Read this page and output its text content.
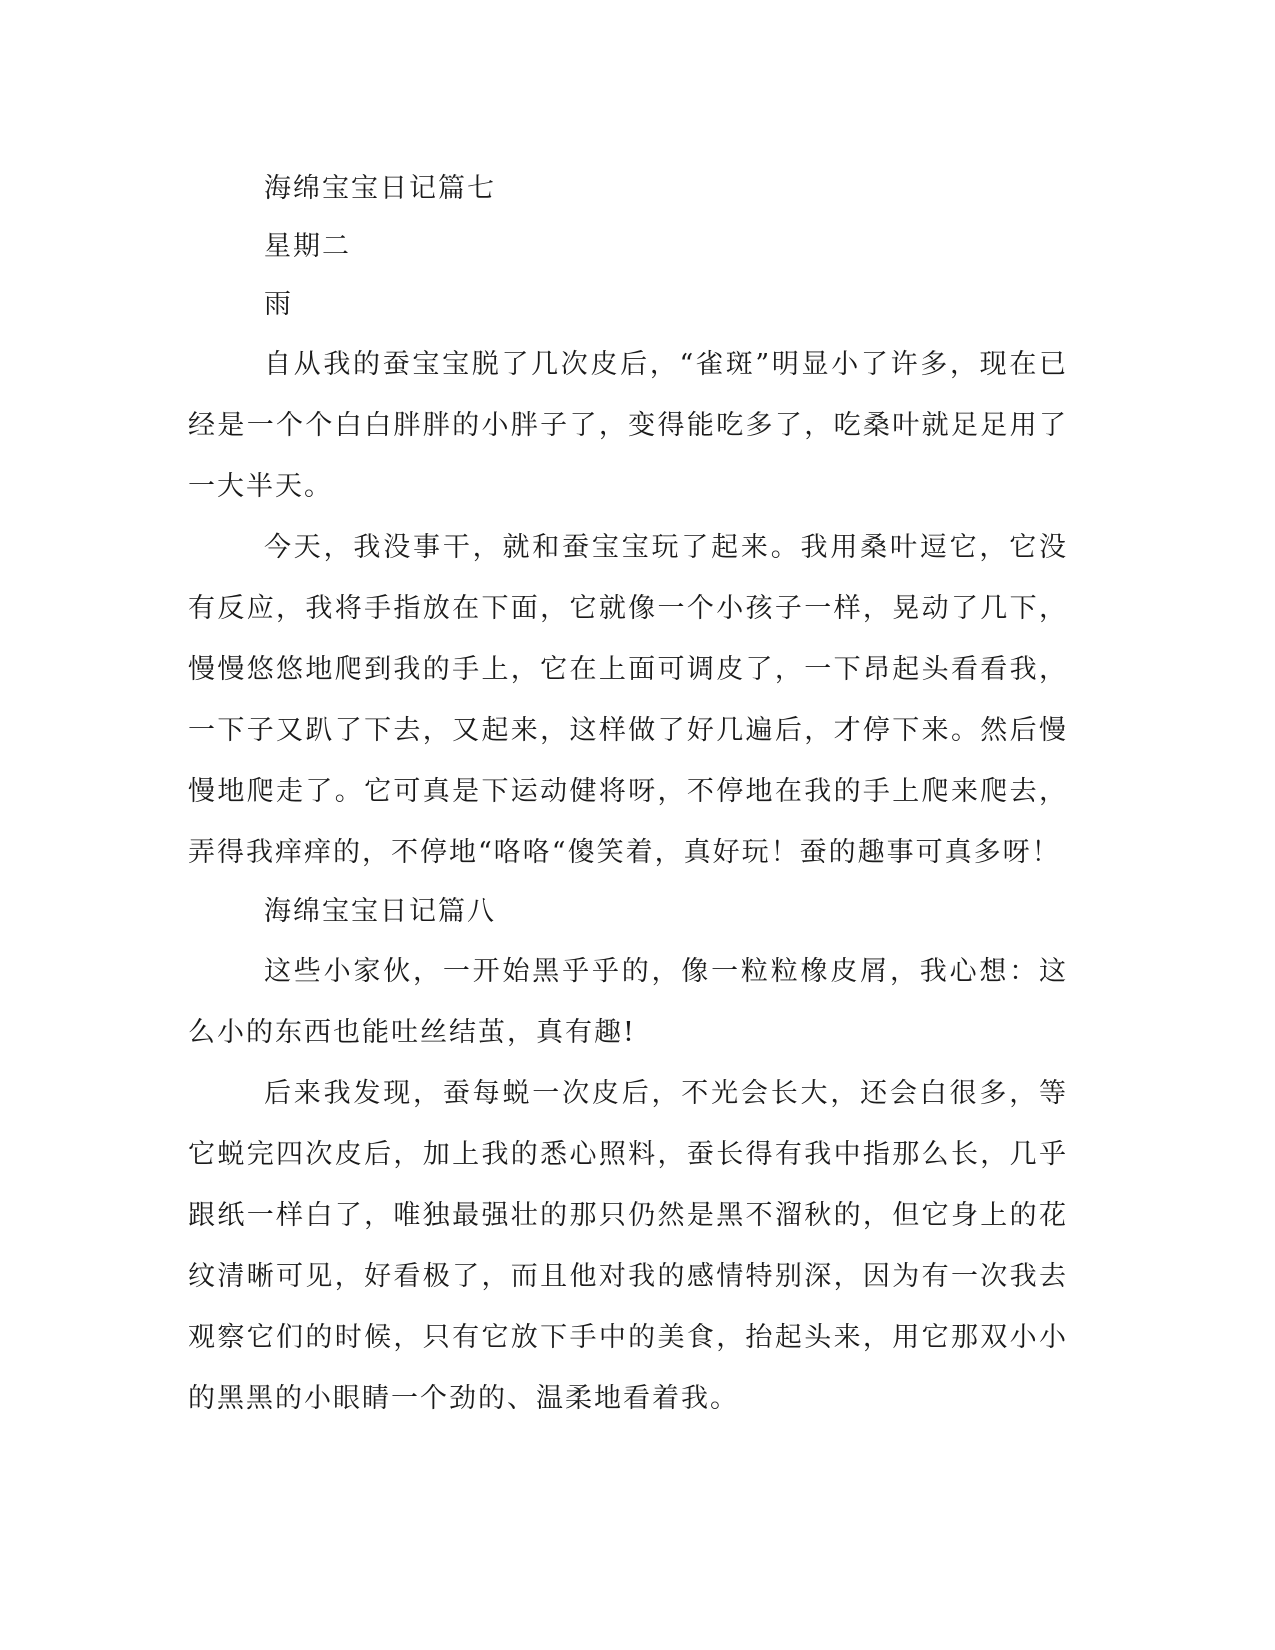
海绵宝宝日记篇七
星期二
雨

自从我的蚕宝宝脱了几次皮后，“雀斑”明显小了许多，现在已经是一个个白白胖胖的小胖子了，变得能吃多了，吃桑叶就足足用了一大半天。

今天，我没事干，就和蚕宝宝玩了起来。我用桑叶逗它，它没有反应，我将手指放在下面，它就像一个小孩子一样，晃动了几下，慢慢悠悠地爬到我的手上，它在上面可调皮了，一下昂起头看看我，一下子又趴了下去，又起来，这样做了好几遍后，才停下来。然后慢慢地爬走了。它可真是下运动健将呀，不停地在我的手上爬来爬去，弄得我痒痒的，不停地“咯咯“傻笑着，真好玩！蚕的趣事可真多呀！

海绵宝宝日记篇八

这些小家伙，一开始黑乎乎的，像一粒粒橡皮屑，我心想：这么小的东西也能吐丝结茧，真有趣!

后来我发现，蚕每蜕一次皮后，不光会长大，还会白很多，等它蜕完四次皮后，加上我的悉心照料，蚕长得有我中指那么长，几乎跟纸一样白了，唯独最强壮的那只仍然是黑不溜秋的，但它身上的花纹清晰可见，好看极了，而且他对我的感情特别深，因为有一次我去观察它们的时候，只有它放下手中的美食，抬起头来，用它那双小小的黑黑的小眼睛一个劲的、温柔地看着我。
